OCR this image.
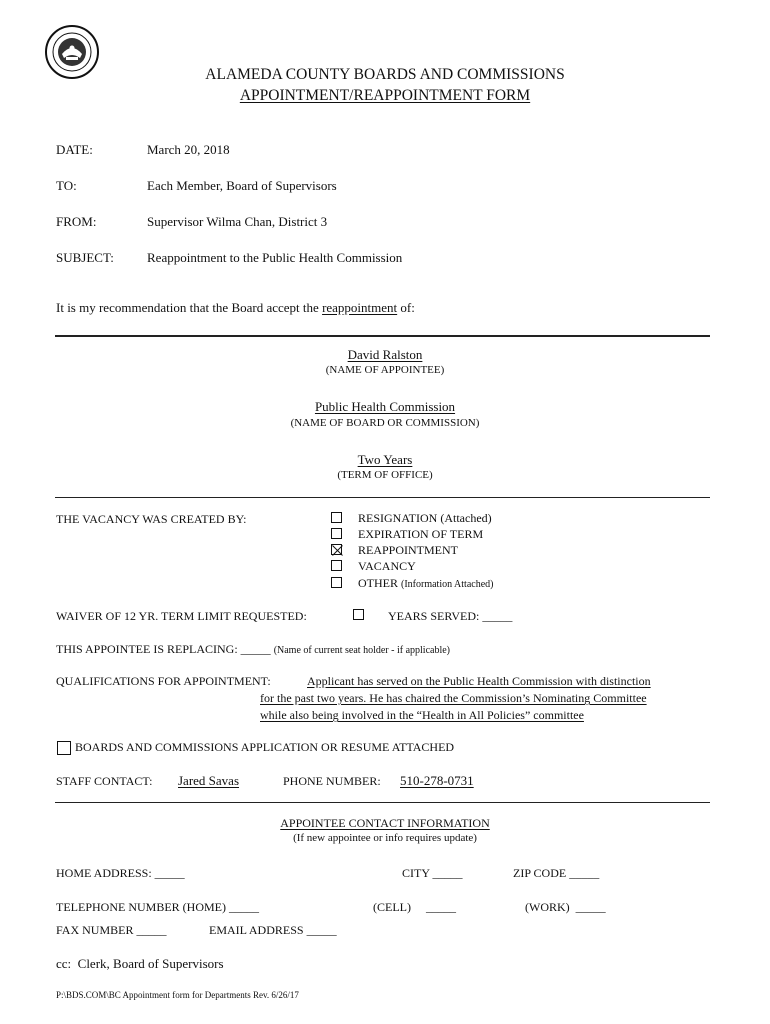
ALAMEDA COUNTY BOARDS AND COMMISSIONS
APPOINTMENT/REAPPOINTMENT FORM
DATE:	March 20, 2018
TO:	Each Member, Board of Supervisors
FROM:	Supervisor Wilma Chan, District 3
SUBJECT:	Reappointment to the Public Health Commission
It is my recommendation that the Board accept the reappointment of:
David Ralston
(NAME OF APPOINTEE)
Public Health Commission
(NAME OF BOARD OR COMMISSION)
Two Years
(TERM OF OFFICE)
THE VACANCY WAS CREATED BY:	RESIGNATION (Attached)
EXPIRATION OF TERM
REAPPOINTMENT
VACANCY
OTHER (Information Attached)
WAIVER OF 12 YR. TERM LIMIT REQUESTED:	YEARS SERVED: _____
THIS APPOINTEE IS REPLACING: _____ (Name of current seat holder - if applicable)
QUALIFICATIONS FOR APPOINTMENT:	Applicant has served on the Public Health Commission with distinction
for the past two years. He has chaired the Commission’s Nominating Committee
while also being involved in the “Health in All Policies” committee
BOARDS AND COMMISSIONS APPLICATION OR RESUME ATTACHED
STAFF CONTACT: Jared Savas	PHONE NUMBER: 510-278-0731
APPOINTEE CONTACT INFORMATION
(If new appointee or info requires update)
HOME ADDRESS: _____	CITY _____	ZIP CODE _____
TELEPHONE NUMBER (HOME) _____	(CELL)     _____	(WORK)  _____
FAX NUMBER _____	EMAIL ADDRESS _____
cc:  Clerk, Board of Supervisors
P:\BDS.COM\BC Appointment form for Departments Rev. 6/26/17
